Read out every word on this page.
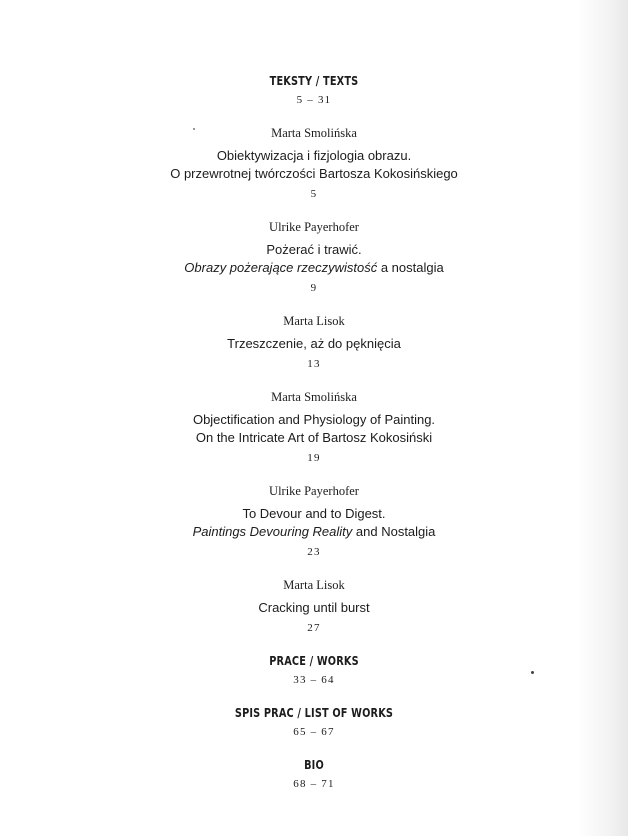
TEKSTY / TEXTS
5 – 31
Marta Smolińska
Obiektywizacja i fizjologia obrazu.
O przewrotnej twórczości Bartosza Kokosińskiego
5
Ulrike Payerhofer
Pożerać i trawić.
Obrazy pożerające rzeczywistość a nostalgia
9
Marta Lisok
Trzeszczenie, aż do pęknięcia
13
Marta Smolińska
Objectification and Physiology of Painting.
On the Intricate Art of Bartosz Kokosiński
19
Ulrike Payerhofer
To Devour and to Digest.
Paintings Devouring Reality and Nostalgia
23
Marta Lisok
Cracking until burst
27
PRACE / WORKS
33 – 64
SPIS PRAC / LIST OF WORKS
65 – 67
BIO
68 – 71
